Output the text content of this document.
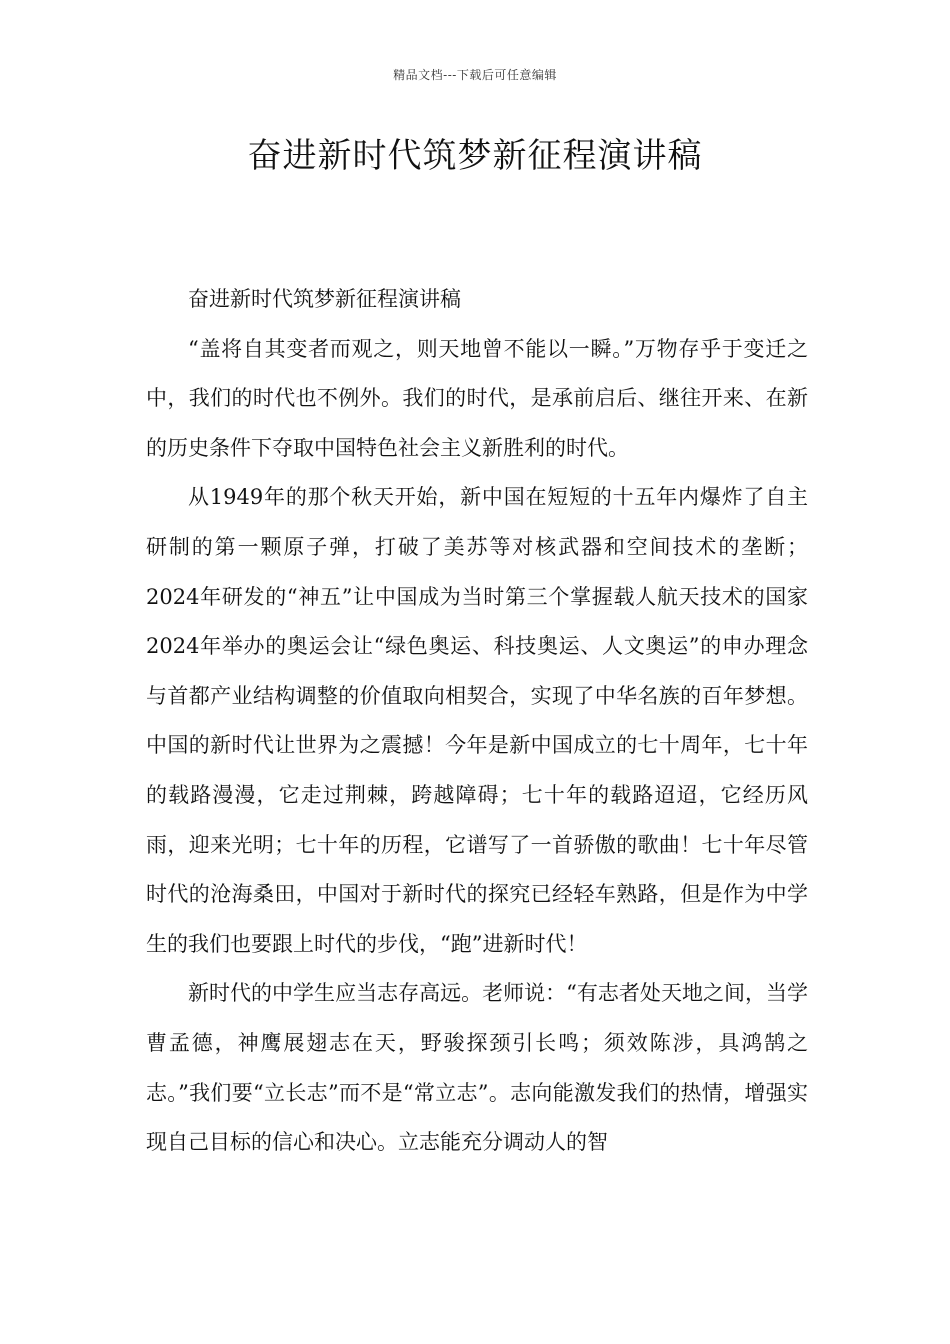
精品文档---下载后可任意编辑
奋进新时代筑梦新征程演讲稿

奋进新时代筑梦新征程演讲稿

“盖将自其变者而观之，则天地曾不能以一瞬。”万物存乎于变迁之中，我们的时代也不例外。我们的时代，是承前启后、继往开来、在新的历史条件下夺取中国特色社会主义新胜利的时代。

从1949年的那个秋天开始，新中国在短短的十五年内爆炸了自主研制的第一颗原子弹，打破了美苏等对核武器和空间技术的垄断；2024年研发的“神五”让中国成为当时第三个掌握载人航天技术的国家2024年举办的奥运会让“绿色奥运、科技奥运、人文奥运”的申办理念与首都产业结构调整的价值取向相契合，实现了中华名族的百年梦想。中国的新时代让世界为之震撼！今年是新中国成立的七十周年，七十年的载路漫漫，它走过荆棘，跨越障碍；七十年的载路迢迢，它经历风雨，迎来光明；七十年的历程，它谱写了一首骄傲的歌曲！七十年尽管时代的沧海桑田，中国对于新时代的探究已经轻车熟路，但是作为中学生的我们也要跟上时代的步伐，“跑”进新时代！

新时代的中学生应当志存高远。老师说：“有志者处天地之间，当学曹孟德，神鹰展翅志在天，野骏探颈引长鸣；须效陈涉，具鸿鹄之志。”我们要“立长志”而不是“常立志”。志向能激发我们的热情，增强实现自己目标的信心和决心。立志能充分调动人的智
